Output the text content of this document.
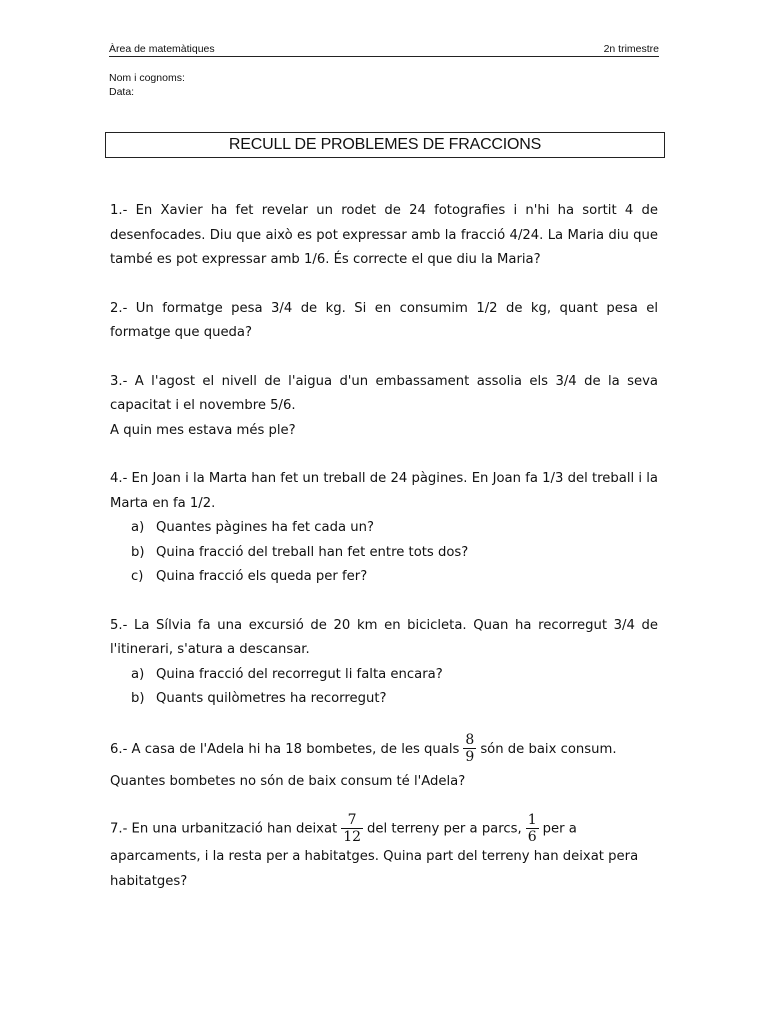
Àrea de matemàtiques	2n trimestre
Nom i cognoms:
Data:
RECULL DE PROBLEMES DE FRACCIONS

1.- En Xavier ha fet revelar un rodet de 24 fotografies i n'hi ha sortit 4 de desenfocades. Diu que això es pot expressar amb la fracció 4/24. La Maria diu que també es pot expressar amb 1/6. És correcte el que diu la Maria?

2.- Un formatge pesa 3/4 de kg. Si en consumim 1/2 de kg, quant pesa el formatge que queda?

3.- A l'agost el nivell de l'aigua d'un embassament assolia els 3/4 de la seva capacitat i el novembre 5/6.

A quin mes estava més ple?

4.- En Joan i la Marta han fet un treball de 24 pàgines. En Joan fa 1/3 del treball i la Marta en fa 1/2.

a) Quantes pàgines ha fet cada un?
b) Quina fracció del treball han fet entre tots dos?
c) Quina fracció els queda per fer?

5.- La Sílvia fa una excursió de 20 km en bicicleta. Quan ha recorregut 3/4 de l'itinerari, s'atura a descansar.

a) Quina fracció del recorregut li falta encara?
b) Quants quilòmetres ha recorregut?

6.- A casa de l'Adela hi ha 18 bombetes, de les quals $\frac{8}{9}$ són de baix consum.

Quantes bombetes no són de baix consum té l'Adela?

7.- En una urbanització han deixat $\frac{7}{12}$ del terreny per a parcs, $\frac{1}{6}$ per a aparcaments, i la resta per a habitatges. Quina part del terreny han deixat pera habitatges?
